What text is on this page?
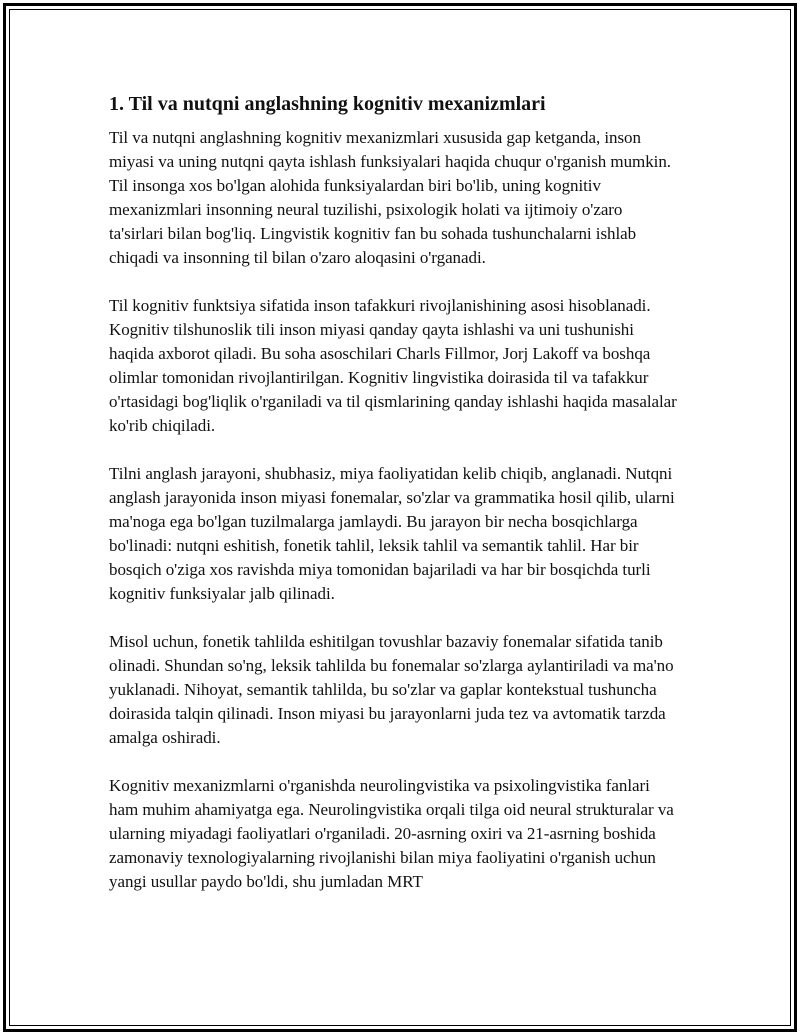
1. Til va nutqni anglashning kognitiv mexanizmlari

Til va nutqni anglashning kognitiv mexanizmlari xususida gap ketganda, inson miyasi va uning nutqni qayta ishlash funksiyalari haqida chuqur o'rganish mumkin. Til insonga xos bo'lgan alohida funksiyalardan biri bo'lib, uning kognitiv mexanizmlari insonning neural tuzilishi, psixologik holati va ijtimoiy o'zaro ta'sirlari bilan bog'liq. Lingvistik kognitiv fan bu sohada tushunchalarni ishlab chiqadi va insonning til bilan o'zaro aloqasini o'rganadi.

Til kognitiv funktsiya sifatida inson tafakkuri rivojlanishining asosi hisoblanadi. Kognitiv tilshunoslik tili inson miyasi qanday qayta ishlashi va uni tushunishi haqida axborot qiladi. Bu soha asoschilari Charls Fillmor, Jorj Lakoff va boshqa olimlar tomonidan rivojlantirilgan. Kognitiv lingvistika doirasida til va tafakkur o'rtasidagi bog'liqlik o'rganiladi va til qismlarining qanday ishlashi haqida masalalar ko'rib chiqiladi.

Tilni anglash jarayoni, shubhasiz, miya faoliyatidan kelib chiqib, anglanadi. Nutqni anglash jarayonida inson miyasi fonemalar, so'zlar va grammatika hosil qilib, ularni ma'noga ega bo'lgan tuzilmalarga jamlaydi. Bu jarayon bir necha bosqichlarga bo'linadi: nutqni eshitish, fonetik tahlil, leksik tahlil va semantik tahlil. Har bir bosqich o'ziga xos ravishda miya tomonidan bajariladi va har bir bosqichda turli kognitiv funksiyalar jalb qilinadi.

Misol uchun, fonetik tahlilda eshitilgan tovushlar bazaviy fonemalar sifatida tanib olinadi. Shundan so'ng, leksik tahlilda bu fonemalar so'zlarga aylantiriladi va ma'no yuklanadi. Nihoyat, semantik tahlilda, bu so'zlar va gaplar kontekstual tushuncha doirasida talqin qilinadi. Inson miyasi bu jarayonlarni juda tez va avtomatik tarzda amalga oshiradi.

Kognitiv mexanizmlarni o'rganishda neurolingvistika va psixolingvistika fanlari ham muhim ahamiyatga ega. Neurolingvistika orqali tilga oid neural strukturalar va ularning miyadagi faoliyatlari o'rganiladi. 20-asrning oxiri va 21-asrning boshida zamonaviy texnologiyalarning rivojlanishi bilan miya faoliyatini o'rganish uchun yangi usullar paydo bo'ldi, shu jumladan MRT
